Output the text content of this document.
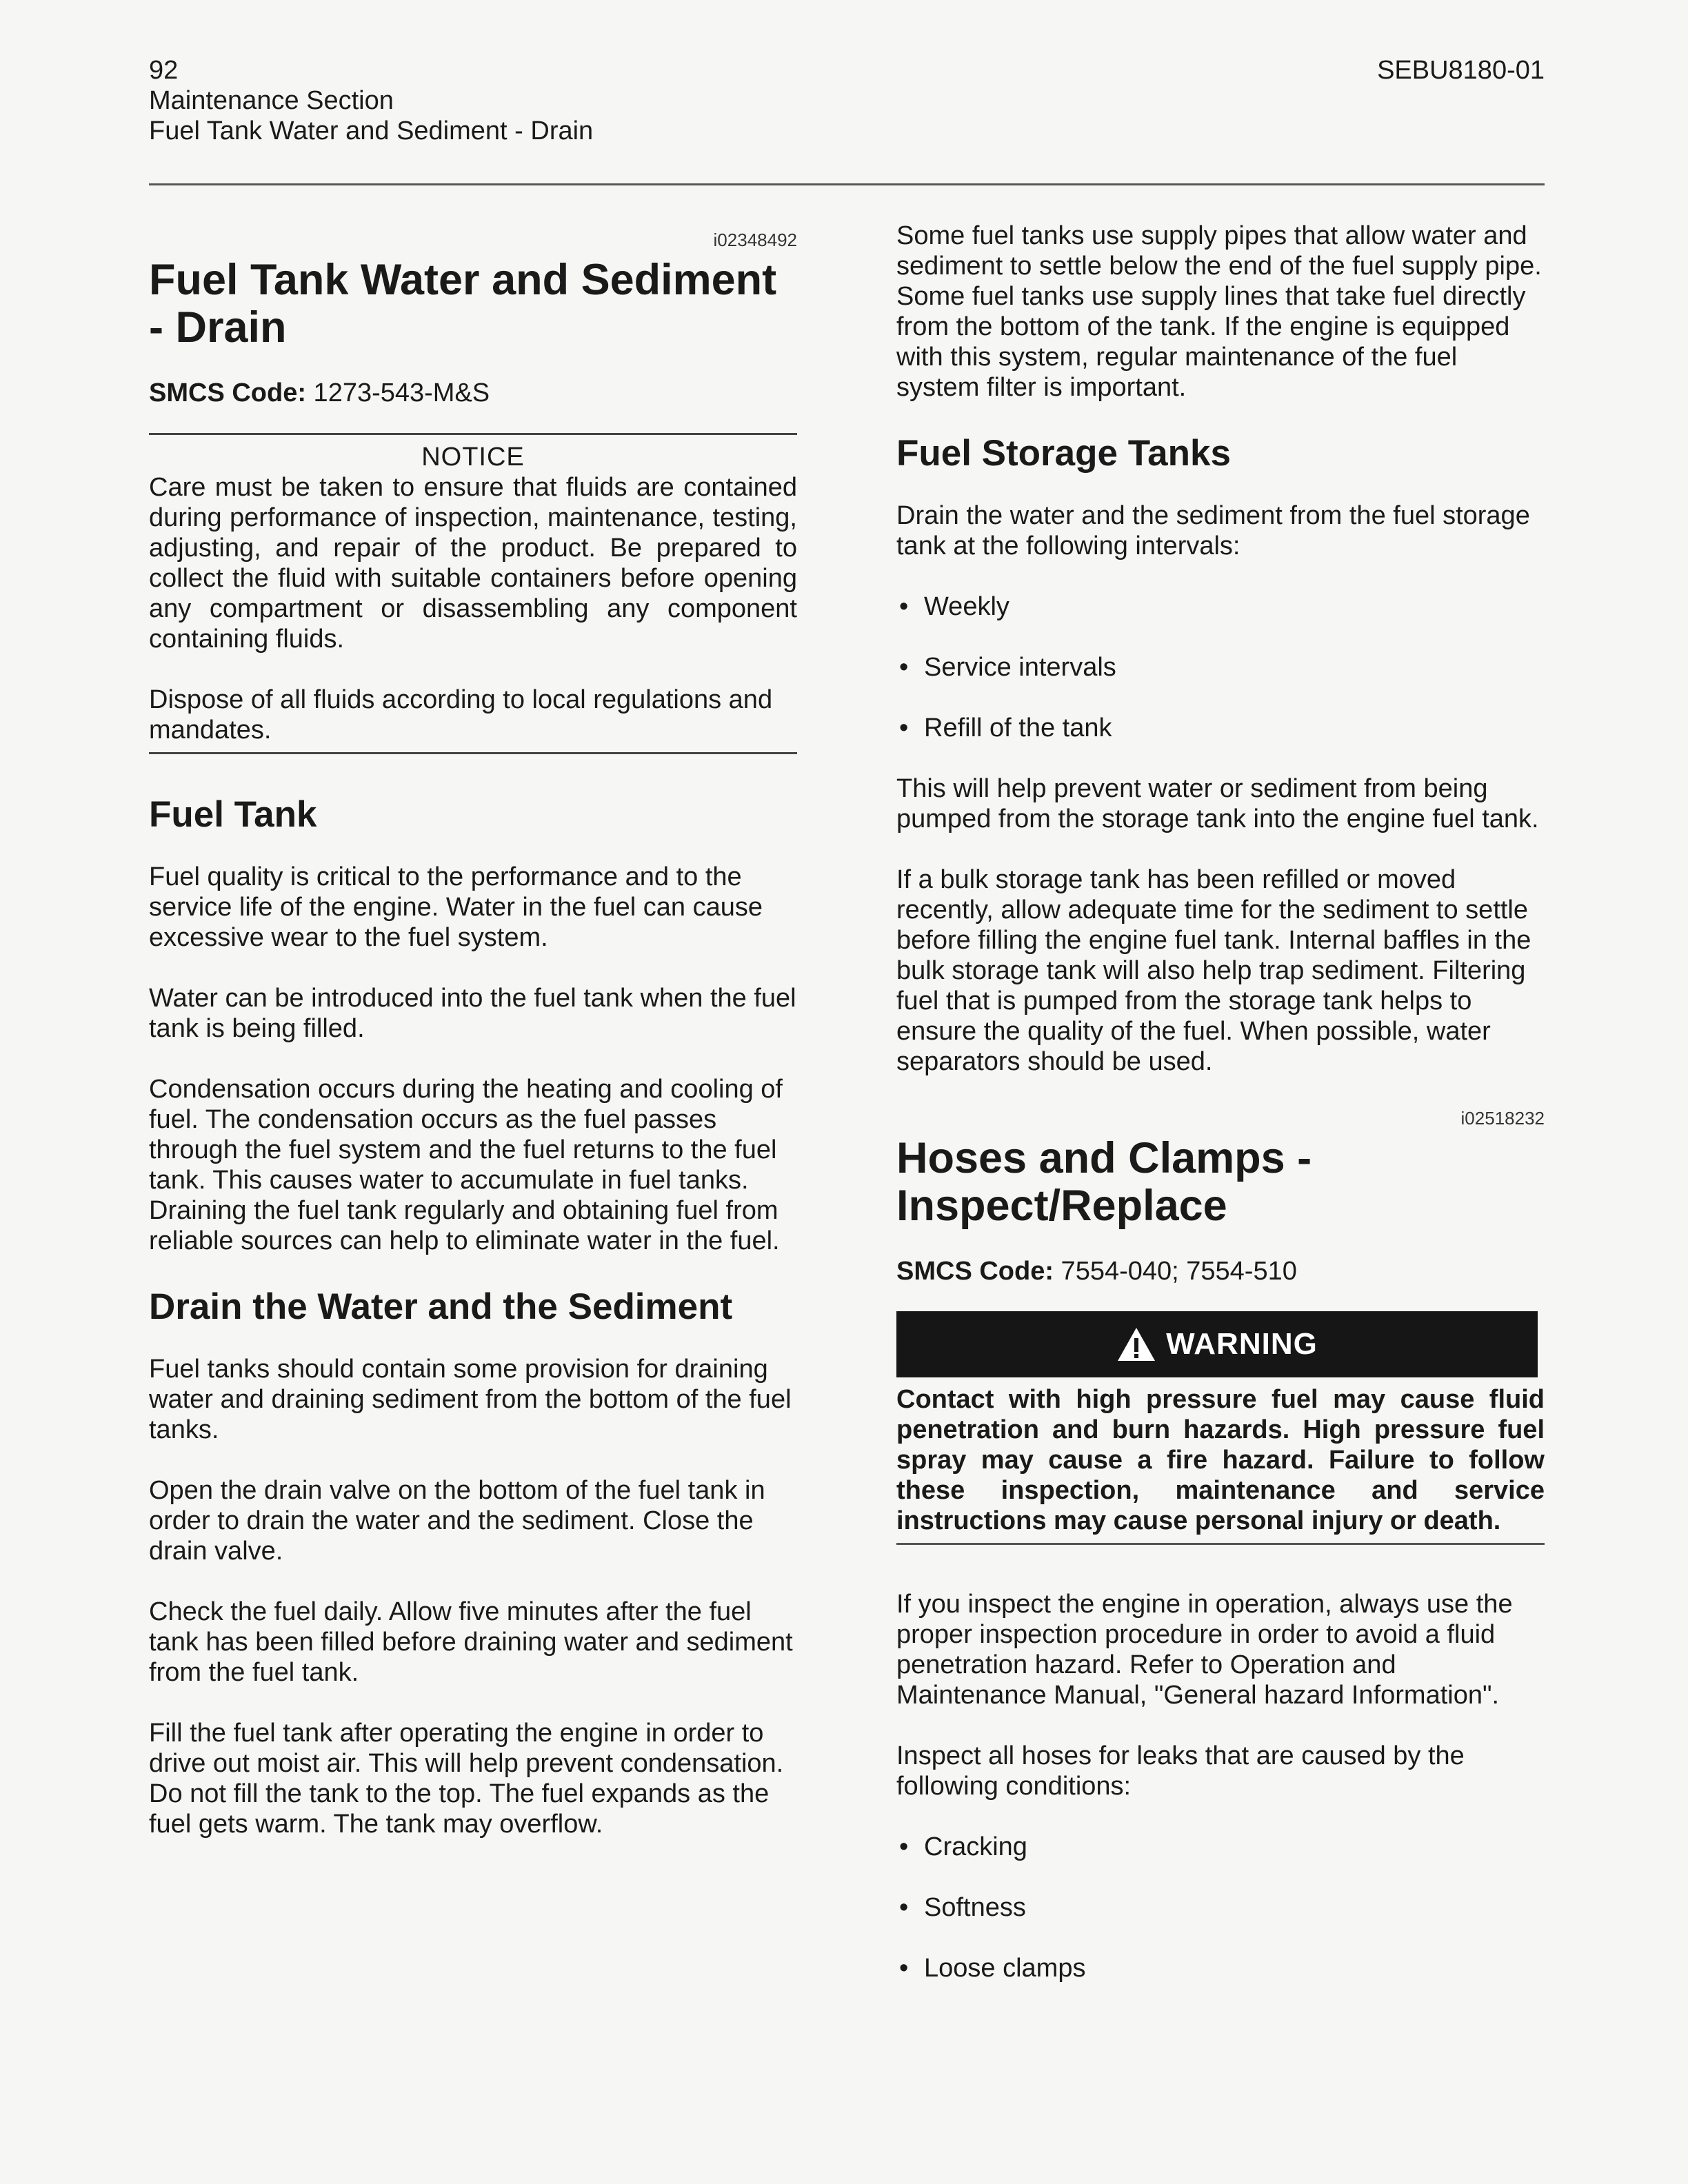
92
Maintenance Section
Fuel Tank Water and Sediment - Drain
SEBU8180-01
i02348492
Fuel Tank Water and Sediment - Drain
SMCS Code: 1273-543-M&S
NOTICE

Care must be taken to ensure that fluids are contained during performance of inspection, maintenance, testing, adjusting, and repair of the product. Be prepared to collect the fluid with suitable containers before opening any compartment or disassembling any component containing fluids.

Dispose of all fluids according to local regulations and mandates.

Fuel Tank

Fuel quality is critical to the performance and to the service life of the engine. Water in the fuel can cause excessive wear to the fuel system.

Water can be introduced into the fuel tank when the fuel tank is being filled.

Condensation occurs during the heating and cooling of fuel. The condensation occurs as the fuel passes through the fuel system and the fuel returns to the fuel tank. This causes water to accumulate in fuel tanks. Draining the fuel tank regularly and obtaining fuel from reliable sources can help to eliminate water in the fuel.

Drain the Water and the Sediment

Fuel tanks should contain some provision for draining water and draining sediment from the bottom of the fuel tanks.

Open the drain valve on the bottom of the fuel tank in order to drain the water and the sediment. Close the drain valve.

Check the fuel daily. Allow five minutes after the fuel tank has been filled before draining water and sediment from the fuel tank.

Fill the fuel tank after operating the engine in order to drive out moist air. This will help prevent condensation. Do not fill the tank to the top. The fuel expands as the fuel gets warm. The tank may overflow.

Some fuel tanks use supply pipes that allow water and sediment to settle below the end of the fuel supply pipe. Some fuel tanks use supply lines that take fuel directly from the bottom of the tank. If the engine is equipped with this system, regular maintenance of the fuel system filter is important.

Fuel Storage Tanks

Drain the water and the sediment from the fuel storage tank at the following intervals:

• Weekly
• Service intervals
• Refill of the tank

This will help prevent water or sediment from being pumped from the storage tank into the engine fuel tank.

If a bulk storage tank has been refilled or moved recently, allow adequate time for the sediment to settle before filling the engine fuel tank. Internal baffles in the bulk storage tank will also help trap sediment. Filtering fuel that is pumped from the storage tank helps to ensure the quality of the fuel. When possible, water separators should be used.

i02518232
Hoses and Clamps - Inspect/Replace
SMCS Code: 7554-040; 7554-510
WARNING
Contact with high pressure fuel may cause fluid penetration and burn hazards. High pressure fuel spray may cause a fire hazard. Failure to follow these inspection, maintenance and service instructions may cause personal injury or death.

If you inspect the engine in operation, always use the proper inspection procedure in order to avoid a fluid penetration hazard. Refer to Operation and Maintenance Manual, "General hazard Information".

Inspect all hoses for leaks that are caused by the following conditions:

• Cracking
• Softness
• Loose clamps
